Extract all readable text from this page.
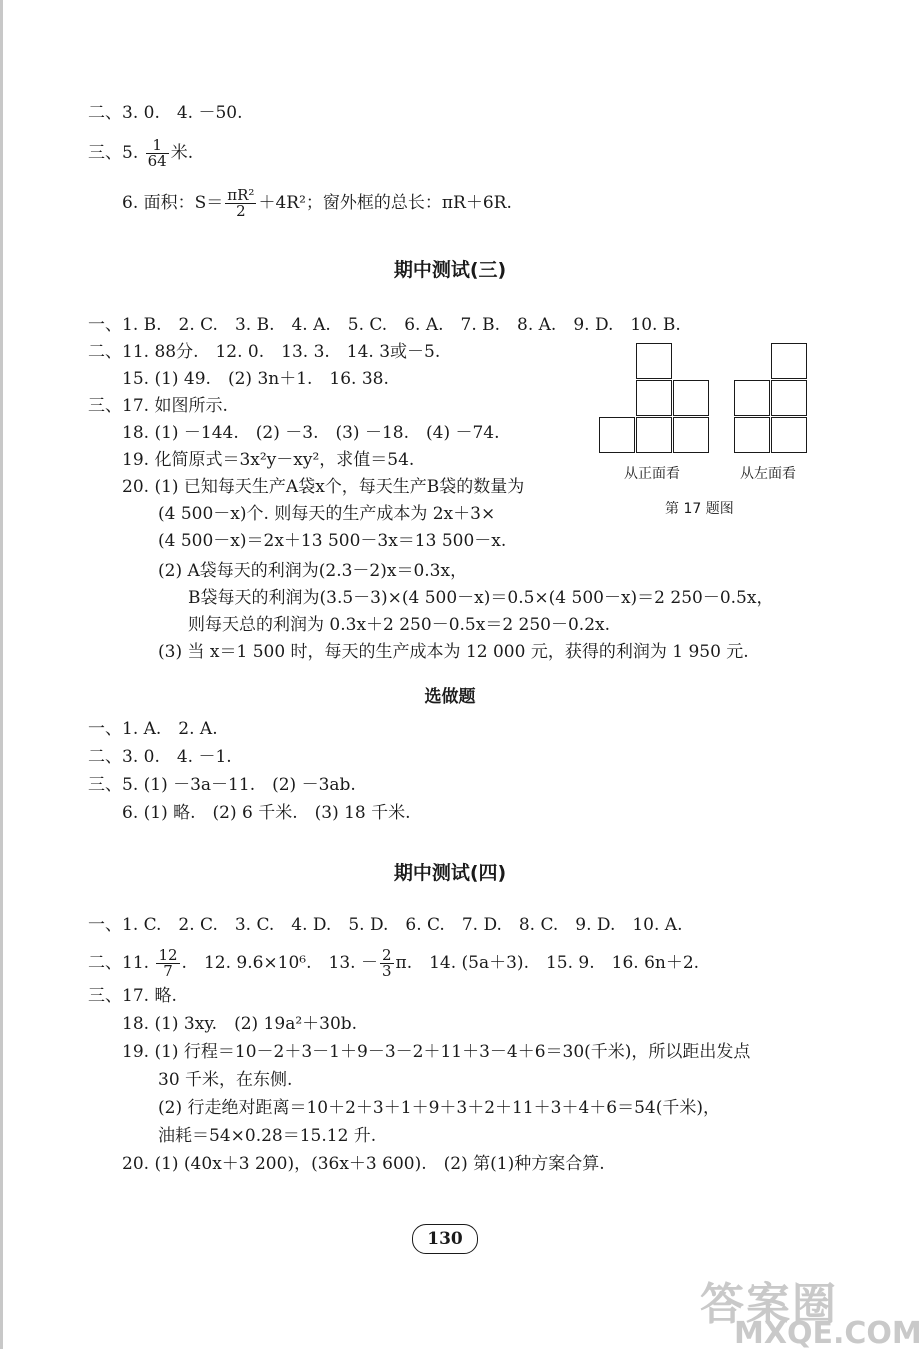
二、3. 0.　4. －50.
三、5. $\frac{1}{64}$ 米.
6. 面积：$S= \frac{\text{πR²}}{2} +4R^2$；窗外框的总长：πR＋6R.
期中测试(三)
一、1. B.　2. C.　3. B.　4. A.　5. C.　6. A.　7. B.　8. A.　9. D.　10. B.
二、11. 88分.　12. 0.　13. 3.　14. 3或－5.
15. (1) 49.　(2) 3n＋1.　16. 38.
三、17. 如图所示.
18. (1) －144.　(2) －3.　(3) －18.　(4) －74.
19. 化简原式＝3x²y－xy²，求值＝54.
20. (1) 已知每天生产A袋x个，每天生产B袋的数量为
(4 500－x)个. 则每天的生产成本为 2x＋3×
(4 500－x)＝2x＋13 500－3x＝13 500－x.
(2) A袋每天的利润为(2.3－2)x＝0.3x，
B袋每天的利润为(3.5－3)×(4 500－x)＝0.5×(4 500－x)＝2 250－0.5x，
则每天总的利润为 0.3x＋2 250－0.5x＝2 250－0.2x.
(3) 当 x＝1 500 时，每天的生产成本为 12 000 元，获得的利润为 1 950 元.
从正面看	从左面看
第 17 题图
选做题
一、1. A.　2. A.
二、3. 0.　4. －1.
三、5. (1) －3a－11.　(2) －3ab.
6. (1) 略.　(2) 6 千米.　(3) 18 千米.
期中测试(四)
一、1. C.　2. C.　3. C.　4. D.　5. D.　6. C.　7. D.　8. C.　9. D.　10. A.
二、11. $\frac{12}{7}$ .　12. 9.6×10⁶.　13. － $\frac{2}{3} \pi$.　14. (5a＋3).　15. 9.　16. 6n＋2.
三、17. 略.
18. (1) 3xy.　(2) 19a²＋30b.
19. (1) 行程＝10－2＋3－1＋9－3－2＋11＋3－4＋6＝30(千米)，所以距出发点
30 千米，在东侧.
(2) 行走绝对距离＝10＋2＋3＋1＋9＋3＋2＋11＋3＋4＋6＝54(千米)，
油耗＝54×0.28＝15.12 升.
20. (1) (40x＋3 200)，(36x＋3 600).　(2) 第(1)种方案合算.
130
答案圈
MXQE.COM
